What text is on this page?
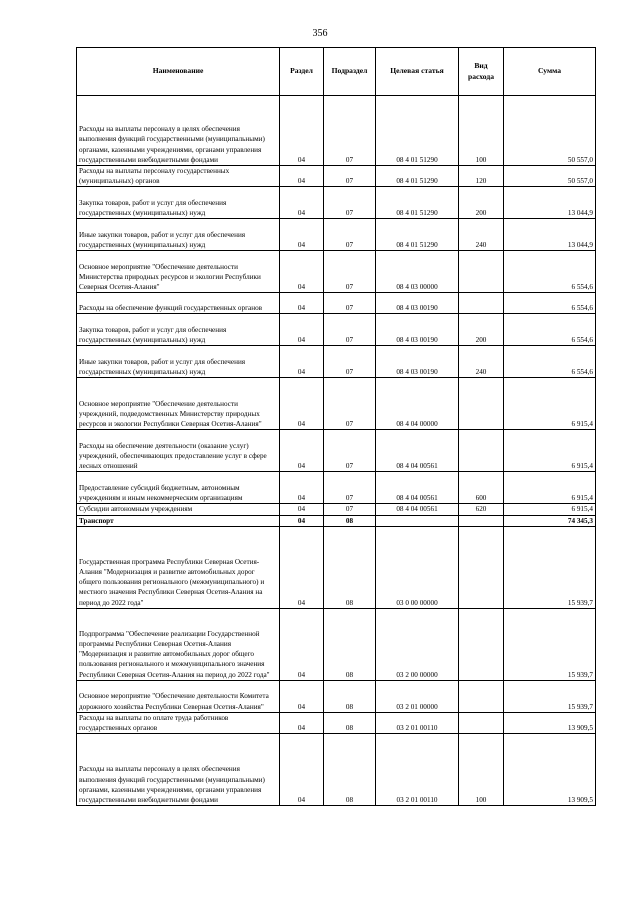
356
Наименование	Раздел	Подраздел	Целевая статья	Вид расхода	Сумма
Расходы на выплаты персоналу в целях обеспечения выполнения функций государственными (муниципальными) органами, казенными учреждениями, органами управления государственными внебюджетными фондами	04	07	08 4 01 51290	100	50 557,0
Расходы на выплаты персоналу государственных (муниципальных) органов	04	07	08 4 01 51290	120	50 557,0
Закупка товаров, работ и услуг для обеспечения государственных (муниципальных) нужд	04	07	08 4 01 51290	200	13 044,9
Иные закупки товаров, работ и услуг для обеспечения государственных (муниципальных) нужд	04	07	08 4 01 51290	240	13 044,9
Основное мероприятие "Обеспечение деятельности Министерства природных ресурсов и экологии Республики Северная Осетия-Алания"	04	07	08 4 03 00000		6 554,6
Расходы на обеспечение функций государственных органов	04	07	08 4 03 00190		6 554,6
Закупка товаров, работ и услуг для обеспечения государственных (муниципальных) нужд	04	07	08 4 03 00190	200	6 554,6
Иные закупки товаров, работ и услуг для обеспечения государственных (муниципальных) нужд	04	07	08 4 03 00190	240	6 554,6
Основное мероприятие "Обеспечение деятельности учреждений, подведомственных Министерству природных ресурсов и экологии Республики Северная Осетия-Алания"	04	07	08 4 04 00000		6 915,4
Расходы на обеспечение деятельности (оказание услуг) учреждений, обеспечивающих предоставление услуг в сфере лесных отношений	04	07	08 4 04 00561		6 915,4
Предоставление субсидий бюджетным, автономным учреждениям и иным некоммерческим организациям	04	07	08 4 04 00561	600	6 915,4
Субсидии автономным учреждениям	04	07	08 4 04 00561	620	6 915,4
Транспорт	04	08			74 345,3
Государственная программа Республики Северная Осетия-Алания "Модернизация и развитие автомобильных дорог общего пользования регионального (межмуниципального) и местного значения Республики Северная Осетия-Алания на период до 2022 года"	04	08	03 0 00 00000		15 939,7
Подпрограмма "Обеспечение реализации Государственной программы Республики Северная Осетия-Алания "Модернизация и развитие автомобильных дорог общего пользования регионального и межмуниципального значения Республики Северная Осетия-Алания на период до 2022 года"	04	08	03 2 00 00000		15 939,7
Основное мероприятие "Обеспечение деятельности Комитета дорожного хозяйства Республики Северная Осетия-Алания"	04	08	03 2 01 00000		15 939,7
Расходы на выплаты по оплате труда работников государственных органов	04	08	03 2 01 00110		13 909,5
Расходы на выплаты персоналу в целях обеспечения выполнения функций государственными (муниципальными) органами, казенными учреждениями, органами управления государственными внебюджетными фондами	04	08	03 2 01 00110	100	13 909,5
